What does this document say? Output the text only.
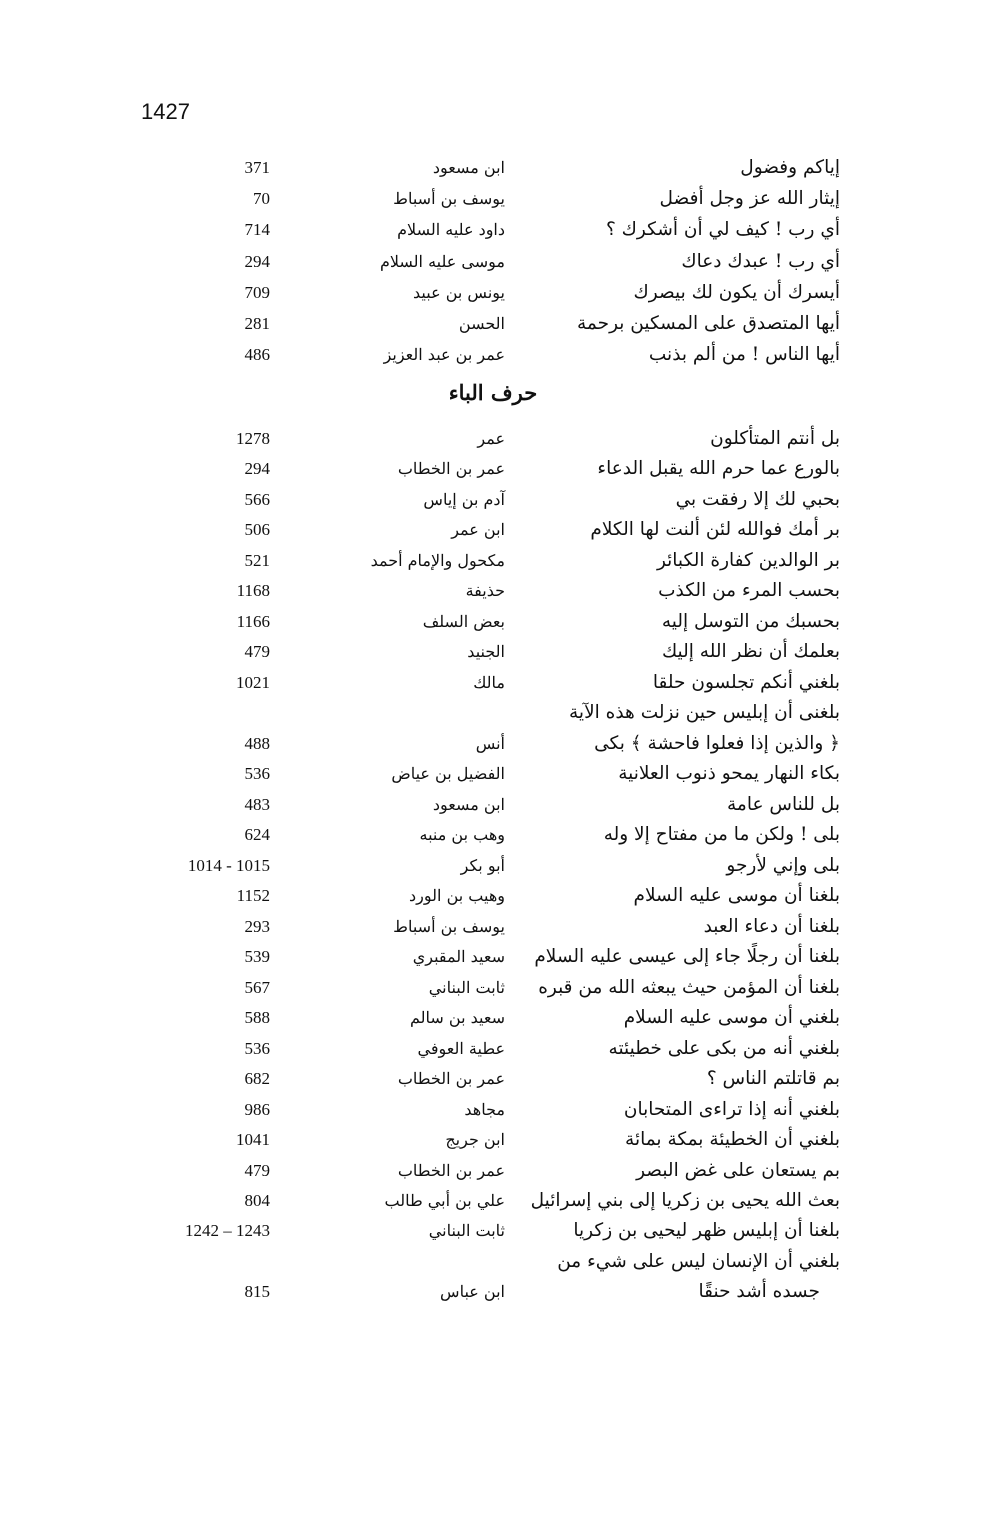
1427
إياكم وفضول
ابن مسعود
371
إيثار الله عز وجل أفضل
يوسف بن أسباط
70
أي رب ! كيف لي أن أشكرك ؟
داود عليه السلام
714
أي رب ! عبدك دعاك
موسى عليه السلام
294
أيسرك أن يكون لك بيصرك
يونس بن عبيد
709
أيها المتصدق على المسكين برحمة
الحسن
281
أيها الناس ! من ألم بذنب
عمر بن عبد العزيز
486
حرف الباء
بل أنتم المتأكلون
عمر
1278
بالورع عما حرم الله يقبل الدعاء
عمر بن الخطاب
294
بحبي لك إلا رفقت بي
آدم بن إياس
566
بر أمك فوالله لئن ألنت لها الكلام
ابن عمر
506
بر الوالدين كفارة الكبائر
مكحول والإمام أحمد
521
بحسب المرء من الكذب
حذيفة
1168
بحسبك من التوسل إليه
بعض السلف
1166
بعلمك أن نظر الله إليك
الجنيد
479
بلغني أنكم تجلسون حلقا
مالك
1021
بلغنى أن إبليس حين نزلت هذه الآية
﴿ والذين إذا فعلوا فاحشة ﴾ بكى
أنس
488
بكاء النهار يمحو ذنوب العلانية
الفضيل بن عياض
536
بل للناس عامة
ابن مسعود
483
بلى ! ولكن ما من مفتاح إلا وله
وهب بن منبه
624
بلى وإني لأرجو
أبو بكر
1014 - 1015
بلغنا أن موسى عليه السلام
وهيب بن الورد
1152
بلغنا أن دعاء العبد
يوسف بن أسباط
293
بلغنا أن رجلًا جاء إلى عيسى عليه السلام
سعيد المقبري
539
بلغنا أن المؤمن حيث يبعثه الله من قبره
ثابت البناني
567
بلغني أن موسى عليه السلام
سعيد بن سالم
588
بلغني أنه من بكى على خطيئته
عطية العوفي
536
بم قاتلتم الناس ؟
عمر بن الخطاب
682
بلغني أنه إذا تراءى المتحابان
مجاهد
986
بلغني أن الخطيئة بمكة بمائة
ابن جريج
1041
بم يستعان على غض البصر
عمر بن الخطاب
479
بعث الله يحيى بن زكريا إلى بني إسرائيل
علي بن أبي طالب
804
بلغنا أن إبليس ظهر ليحيى بن زكريا
ثابت البناني
1242 – 1243
بلغني أن الإنسان ليس على شيء من
جسده أشد حنقًا
ابن عباس
815
